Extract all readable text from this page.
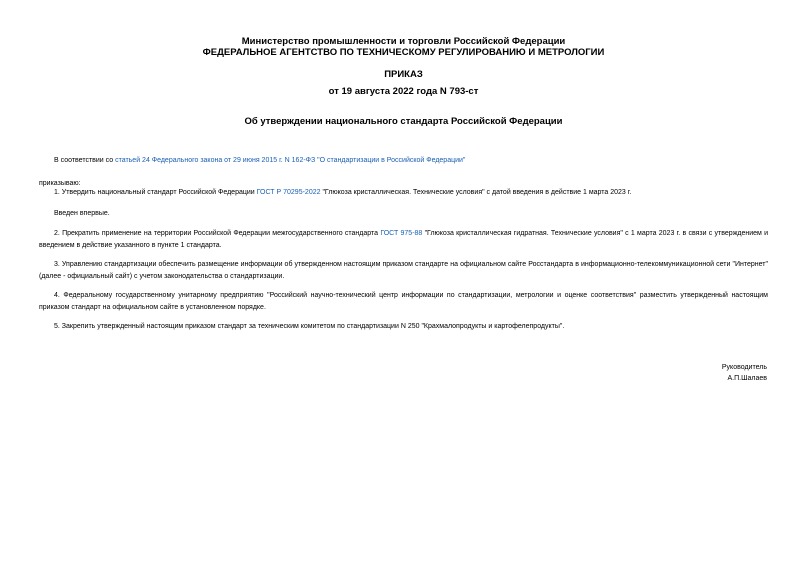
Министерство промышленности и торговли Российской Федерации
ФЕДЕРАЛЬНОЕ АГЕНТСТВО ПО ТЕХНИЧЕСКОМУ РЕГУЛИРОВАНИЮ И МЕТРОЛОГИИ
ПРИКАЗ
от 19 августа 2022 года N 793-ст
Об утверждении национального стандарта Российской Федерации
В соответствии со статьей 24 Федерального закона от 29 июня 2015 г. N 162-ФЗ "О стандартизации в Российской Федерации"
приказываю:
1. Утвердить национальный стандарт Российской Федерации ГОСТ Р 70295-2022 "Глюкоза кристаллическая. Технические условия" с датой введения в действие 1 марта 2023 г.
Введен впервые.
2. Прекратить применение на территории Российской Федерации межгосударственного стандарта ГОСТ 975-88 "Глюкоза кристаллическая гидратная. Технические условия" с 1 марта 2023 г. в связи с утверждением и введением в действие указанного в пункте 1 стандарта.
3. Управлению стандартизации обеспечить размещение информации об утвержденном настоящим приказом стандарте на официальном сайте Росстандарта в информационно-телекоммуникационной сети "Интернет" (далее - официальный сайт) с учетом законодательства о стандартизации.
4. Федеральному государственному унитарному предприятию "Российский научно-технический центр информации по стандартизации, метрологии и оценке соответствия" разместить утвержденный настоящим приказом стандарт на официальном сайте в установленном порядке.
5. Закрепить утвержденный настоящим приказом стандарт за техническим комитетом по стандартизации N 250 "Крахмалопродукты и картофелепродукты".
Руководитель
А.П.Шалаев
